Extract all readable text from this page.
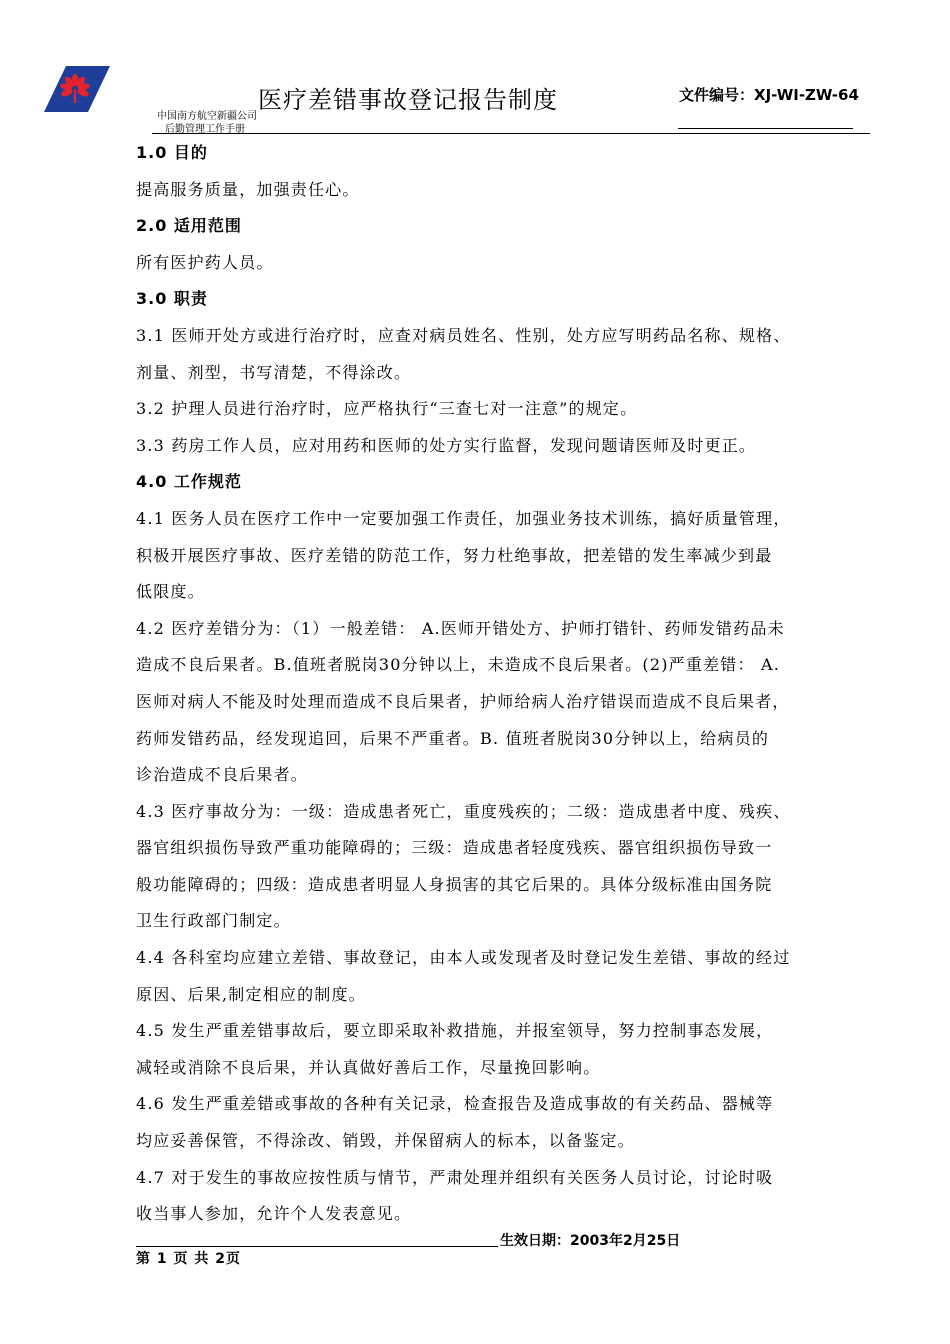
医疗差错事故登记报告制度	文件编号：XJ-WI-ZW-64
中国南方航空新疆公司
后勤管理工作手册
1.0 目的
提高服务质量，加强责任心。
2.0 适用范围
所有医护药人员。
3.0 职责
3.1 医师开处方或进行治疗时，应查对病员姓名、性别，处方应写明药品名称、规格、
剂量、剂型，书写清楚，不得涂改。
3.2 护理人员进行治疗时，应严格执行“三查七对一注意”的规定。
3.3 药房工作人员，应对用药和医师的处方实行监督，发现问题请医师及时更正。
4.0 工作规范
4.1 医务人员在医疗工作中一定要加强工作责任，加强业务技术训练，搞好质量管理，
积极开展医疗事故、医疗差错的防范工作，努力杜绝事故，把差错的发生率减少到最
低限度。
4.2 医疗差错分为：（1）一般差错： A.医师开错处方、护师打错针、药师发错药品未
造成不良后果者。B.值班者脱岗30分钟以上，未造成不良后果者。(2)严重差错： A.
医师对病人不能及时处理而造成不良后果者，护师给病人治疗错误而造成不良后果者，
药师发错药品，经发现追回，后果不严重者。B. 值班者脱岗30分钟以上，给病员的
诊治造成不良后果者。
4.3 医疗事故分为：一级：造成患者死亡，重度残疾的；二级：造成患者中度、残疾、
器官组织损伤导致严重功能障碍的；三级：造成患者轻度残疾、器官组织损伤导致一
般功能障碍的；四级：造成患者明显人身损害的其它后果的。具体分级标准由国务院
卫生行政部门制定。
4.4 各科室均应建立差错、事故登记，由本人或发现者及时登记发生差错、事故的经过
原因、后果,制定相应的制度。
4.5 发生严重差错事故后，要立即采取补救措施，并报室领导，努力控制事态发展，
减轻或消除不良后果，并认真做好善后工作，尽量挽回影响。
4.6 发生严重差错或事故的各种有关记录，检查报告及造成事故的有关药品、器械等
均应妥善保管，不得涂改、销毁，并保留病人的标本，以备鉴定。
4.7 对于发生的事故应按性质与情节，严肃处理并组织有关医务人员讨论，讨论时吸
收当事人参加，允许个人发表意见。
生效日期：2003年2月25日
第 1 页 共 2页
